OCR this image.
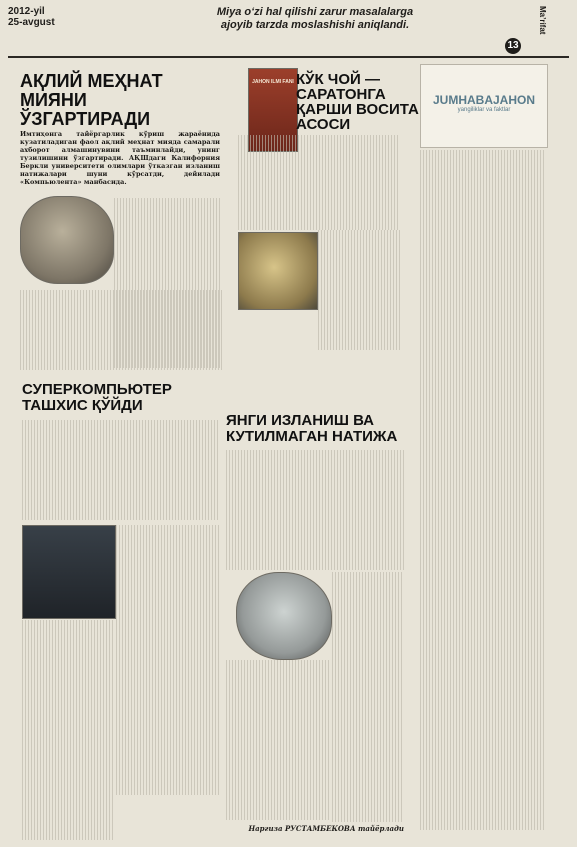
2012-yil
25-avgust
Miya o‘zi hal qilishi zarur masalalarga
ajoyib tarzda moslashishi aniqlandi.
13
Ma’rifat
АҚЛИЙ МЕҲНАТ
МИЯНИ
ЎЗГАРТИРАДИ
Имтиҳонга тайёргарлик кўриш жараёнида кузатиладиган фаол ақлий меҳнат мияда самарали ахборот алмашинувини таъминлайди, унинг тузилишини ўзгартиради. АҚШдаги Калифорния Беркли университети олимлари ўтказган изланиш натижалари шуни кўрсатди, дейилади «Компьюлента» манбасида.
JAHON ILMI FANI КЎК ЧОЙ —
САРАТОНГА
ҚАРШИ ВОСИТА
АСОСИ
СУПЕРКОМПЬЮТЕР
ТАШХИС ҚЎЙДИ
ЯНГИ ИЗЛАНИШ ВА
КУТИЛМАГАН НАТИЖА
Наргиза РУСТАМБЕКОВА тайёрлади
JUMHABAJAHON
yangiliklar va faktlar
